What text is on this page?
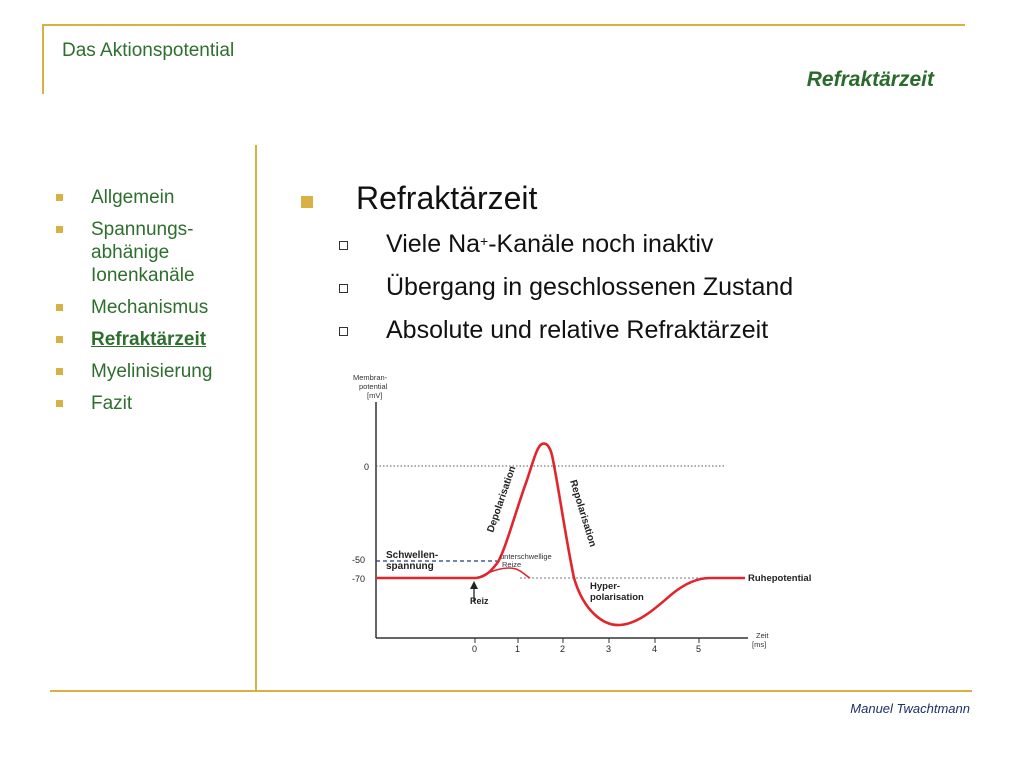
Das Aktionspotential
Refraktärzeit
Allgemein
Spannungs-
abhänige
Ionenkanäle
Mechanismus
Refraktärzeit
Myelinisierung
Fazit
Refraktärzeit
Viele Na+-Kanäle noch inaktiv
Übergang in geschlossenen Zustand
Absolute und relative Refraktärzeit
Membran-
potential
[mV]
Zeit
[ms]
0
-50
-70
0	1	2	3	4	5
Schwellen-
spannung
unterschwellige
Reize
Reiz
Hyper-
polarisation
Ruhepotential
Depolarisation	Repolarisation
Manuel Twachtmann
